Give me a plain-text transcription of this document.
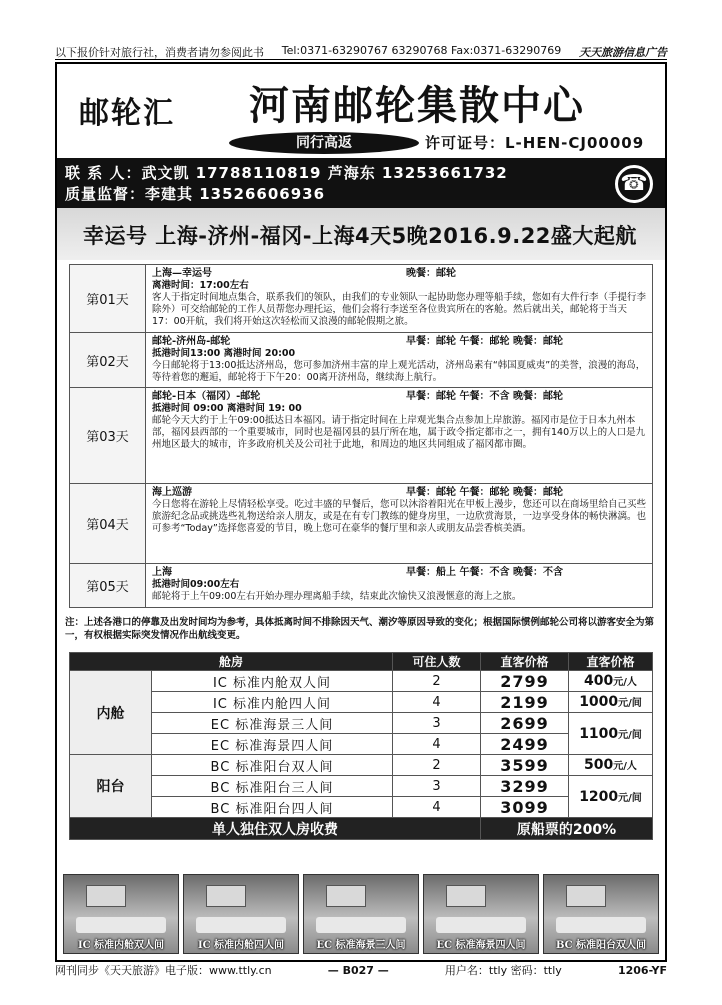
以下报价针对旅行社，消费者请勿参阅此书 Tel:0371-63290767 63290768 Fax:0371-63290769 天天旅游信息广告
邮轮汇 河南邮轮集散中心
同行高返	许可证号：L-HEN-CJ00009
联 系 人：武文凯 17788110819 芦海东 13253661732
质量监督：李建其 13526606936	☎
幸运号 上海-济州-福冈-上海4天5晚2016.9.22盛大起航
第01天	上海—幸运号 晚餐：邮轮
离港时间：17:00左右
客人于指定时间地点集合，联系我们的领队，由我们的专业领队一起协助您办理等船手续，您如有大件行李（手提行李除外）可交给邮轮的工作人员帮您办理托运，他们会将行李送至各位贵宾所在的客舱。然后就出关，邮轮将于当天17：00开航，我们将开始这次轻松而又浪漫的邮轮假期之旅。

第02天	邮轮-济州岛-邮轮 早餐：邮轮 午餐：邮轮 晚餐：邮轮
抵港时间13:00 离港时间 20:00
今日邮轮将于13:00抵达济州岛，您可参加济州丰富的岸上观光活动，济州岛素有“韩国夏威夷”的美誉，浪漫的海岛，等待着您的邂逅，邮轮将于下午20：00离开济州岛，继续海上航行。

第03天	邮轮-日本（福冈）-邮轮 早餐：邮轮 午餐：不含 晚餐：邮轮
抵港时间 09:00 离港时间 19: 00
邮轮今天大约于上午09:00抵达日本福冈。请于指定时间在上岸观光集合点参加上岸旅游。福冈市是位于日本九州本部，福冈县西部的一个重要城市，同时也是福冈县的县厅所在地，属于政令指定都市之一，拥有140万以上的人口是九州地区最大的城市，许多政府机关及公司社于此地，和周边的地区共同组成了福冈都市圈。

第04天	海上巡游 早餐：邮轮 午餐：邮轮 晚餐：邮轮
今日您将在游轮上尽情轻松享受。吃过丰盛的早餐后，您可以沐浴着阳光在甲板上漫步，您还可以在商场里给自己买些旅游纪念品或挑选些礼物送给亲人朋友，或是在有专门教练的健身房里，一边欣赏海景，一边享受身体的畅快淋漓。也可参考“Today”选择您喜爱的节目，晚上您可在豪华的餐厅里和亲人或朋友品尝香槟美酒。

第05天	上海 早餐：船上 午餐：不含 晚餐：不含
抵港时间09:00左右
邮轮将于上午09:00左右开始办理办理离船手续，结束此次愉快又浪漫惬意的海上之旅。
注：上述各港口的停靠及出发时间均为参考，具体抵离时间不排除因天气、潮汐等原因导致的变化；根据国际惯例邮轮公司将以游客安全为第一，有权根据实际突发情况作出航线变更。
舱房		可住人数	直客价格	直客价格
内舱	IC 标准内舱双人间	2	2799	400元/人
	IC 标准内舱四人间	4	2199	1000元/间
	EC 标准海景三人间	3	2699	1100元/间
	EC 标准海景四人间	4	2499	
阳台	BC 标准阳台双人间	2	3599	500元/人
	BC 标准阳台三人间	3	3299	1200元/间
	BC 标准阳台四人间	4	3099	
单人独住双人房收费			原船票的200%	
IC 标准内舱双人间	IC 标准内舱四人间	EC 标准海景三人间	EC 标准海景四人间	BC 标准阳台双人间
网刊同步《天天旅游》电子版：www.ttly.cn	— B027 —	用户名：ttly 密码：ttly	1206-YF
